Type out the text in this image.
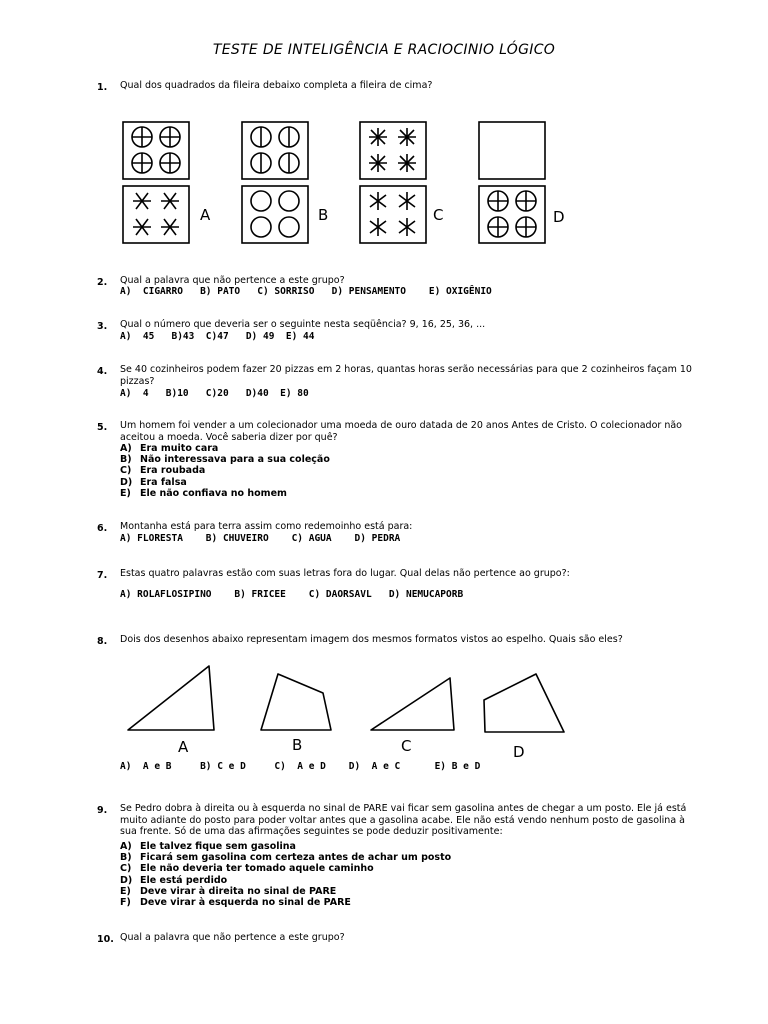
TESTE DE INTELIGÊNCIA E RACIOCINIO LÓGICO
1. Qual dos quadrados da fileira debaixo completa a fileira de cima?
A	B	C	D
2. Qual a palavra que não pertence a este grupo?
A)  CIGARRO   B) PATO   C) SORRISO   D) PENSAMENTO    E) OXIGÊNIO
3. Qual o número que deveria ser o seguinte nesta seqüência? 9, 16, 25, 36, ...
A)  45   B)43  C)47   D) 49  E) 44
4. Se 40 cozinheiros podem fazer 20 pizzas em 2 horas, quantas horas serão necessárias para que 2 cozinheiros façam 10 pizzas?
A)  4   B)10   C)20   D)40  E) 80
5. Um homem foi vender a um colecionador uma moeda de ouro datada de 20 anos Antes de Cristo. O colecionador não aceitou a moeda. Você saberia dizer por quê?
A) Era muito cara
B) Não interessava para a sua coleção
C) Era roubada
D) Era falsa
E) Ele não confiava no homem
6. Montanha está para terra assim como redemoinho está para:
A) FLORESTA    B) CHUVEIRO    C) AGUA    D) PEDRA
7. Estas quatro palavras estão com suas letras fora do lugar. Qual delas não pertence ao grupo?:
A) ROLAFLOSIPINO    B) FRICEE    C) DAORSAVL   D) NEMUCAPORB
8. Dois dos desenhos abaixo representam imagem dos mesmos formatos vistos ao espelho. Quais são eles?
A	B	C	D
A)  A e B     B) C e D     C)  A e D    D)  A e C      E) B e D
9. Se Pedro dobra à direita ou à esquerda no sinal de PARE vai ficar sem gasolina antes de chegar a um posto. Ele já está muito adiante do posto para poder voltar antes que a gasolina acabe. Ele não está vendo nenhum posto de gasolina à sua frente. Só de uma das afirmações seguintes se pode deduzir positivamente:
A) Ele talvez fique sem gasolina
B) Ficará sem gasolina com certeza antes de achar um posto
C) Ele não deveria ter tomado aquele caminho
D) Ele está perdido
E) Deve virar à direita no sinal de PARE
F) Deve virar à esquerda no sinal de PARE
10. Qual a palavra que não pertence a este grupo?
